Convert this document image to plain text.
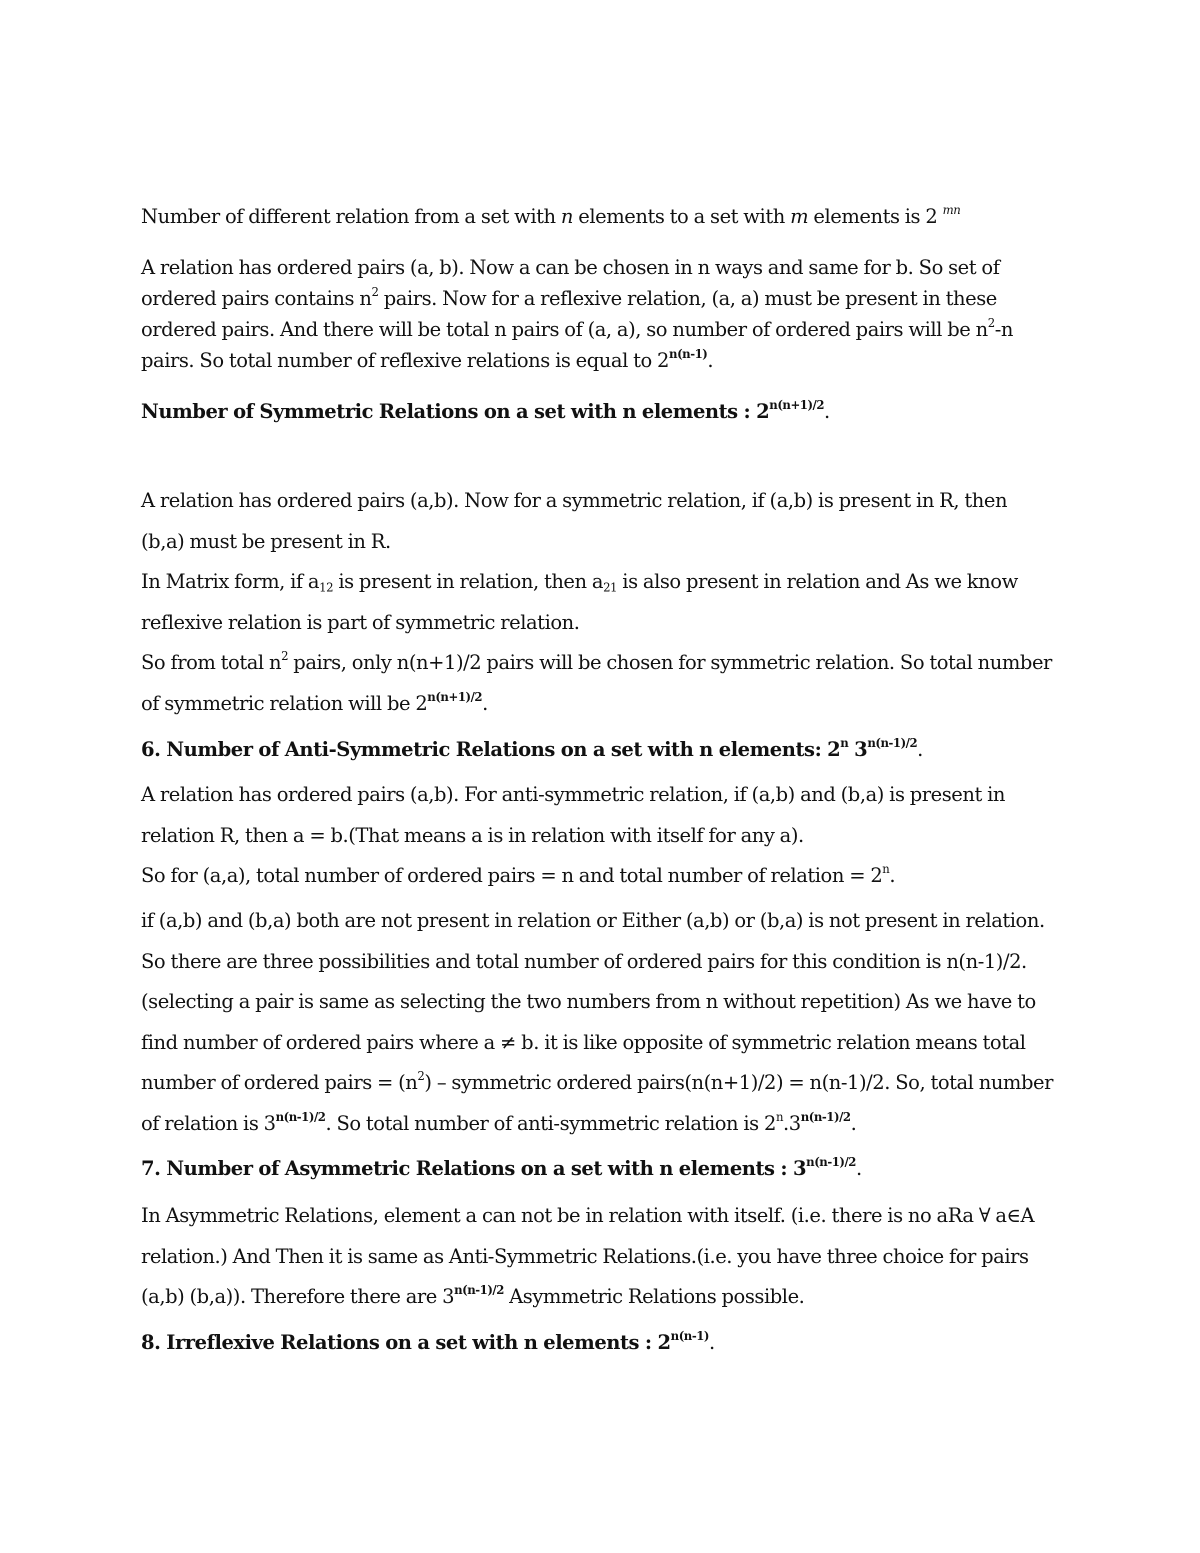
Number of different relation from a set with n elements to a set with m elements is 2 $^{mn}$

A relation has ordered pairs (a, b). Now a can be chosen in n ways and same for b. So set of
ordered pairs contains $n^2$ pairs. Now for a reflexive relation, (a, a) must be present in these
ordered pairs. And there will be total n pairs of (a, a), so number of ordered pairs will be $n^2-n$
pairs. So total number of reflexive relations is equal to $2^{n(n-1)}$.

Number of Symmetric Relations on a set with n elements : $2^{n(n+1)/2}$.

A relation has ordered pairs (a,b). Now for a symmetric relation, if (a,b) is present in R, then
(b,a) must be present in R.
In Matrix form, if $a_{12}$ is present in relation, then $a_{21}$ is also present in relation and As we know
reflexive relation is part of symmetric relation.
So from total $n^2$ pairs, only n(n+1)/2 pairs will be chosen for symmetric relation. So total number
of symmetric relation will be $2^{n(n+1)/2}$.

6. Number of Anti-Symmetric Relations on a set with n elements: 2$^n$ $3^{n(n-1)/2}$.

A relation has ordered pairs (a,b). For anti-symmetric relation, if (a,b) and (b,a) is present in
relation R, then a = b.(That means a is in relation with itself for any a).
So for (a,a), total number of ordered pairs = n and total number of relation = $2^n$.

if (a,b) and (b,a) both are not present in relation or Either (a,b) or (b,a) is not present in relation.
So there are three possibilities and total number of ordered pairs for this condition is n(n-1)/2.
(selecting a pair is same as selecting the two numbers from n without repetition) As we have to
find number of ordered pairs where a ≠ b. it is like opposite of symmetric relation means total
number of ordered pairs = $(n^2)$ – symmetric ordered pairs(n(n+1)/2) = n(n-1)/2. So, total number
of relation is $3^{n(n-1)/2}$. So total number of anti-symmetric relation is $2^n.3^{n(n-1)/2}$.

7. Number of Asymmetric Relations on a set with n elements : $3^{n(n-1)/2}$.

In Asymmetric Relations, element a can not be in relation with itself. (i.e. there is no aRa ∀ a∈A
relation.) And Then it is same as Anti-Symmetric Relations.(i.e. you have three choice for pairs
(a,b) (b,a)). Therefore there are $3^{n(n-1)/2}$ Asymmetric Relations possible.

8. Irreflexive Relations on a set with n elements : $2^{n(n-1)}$.
